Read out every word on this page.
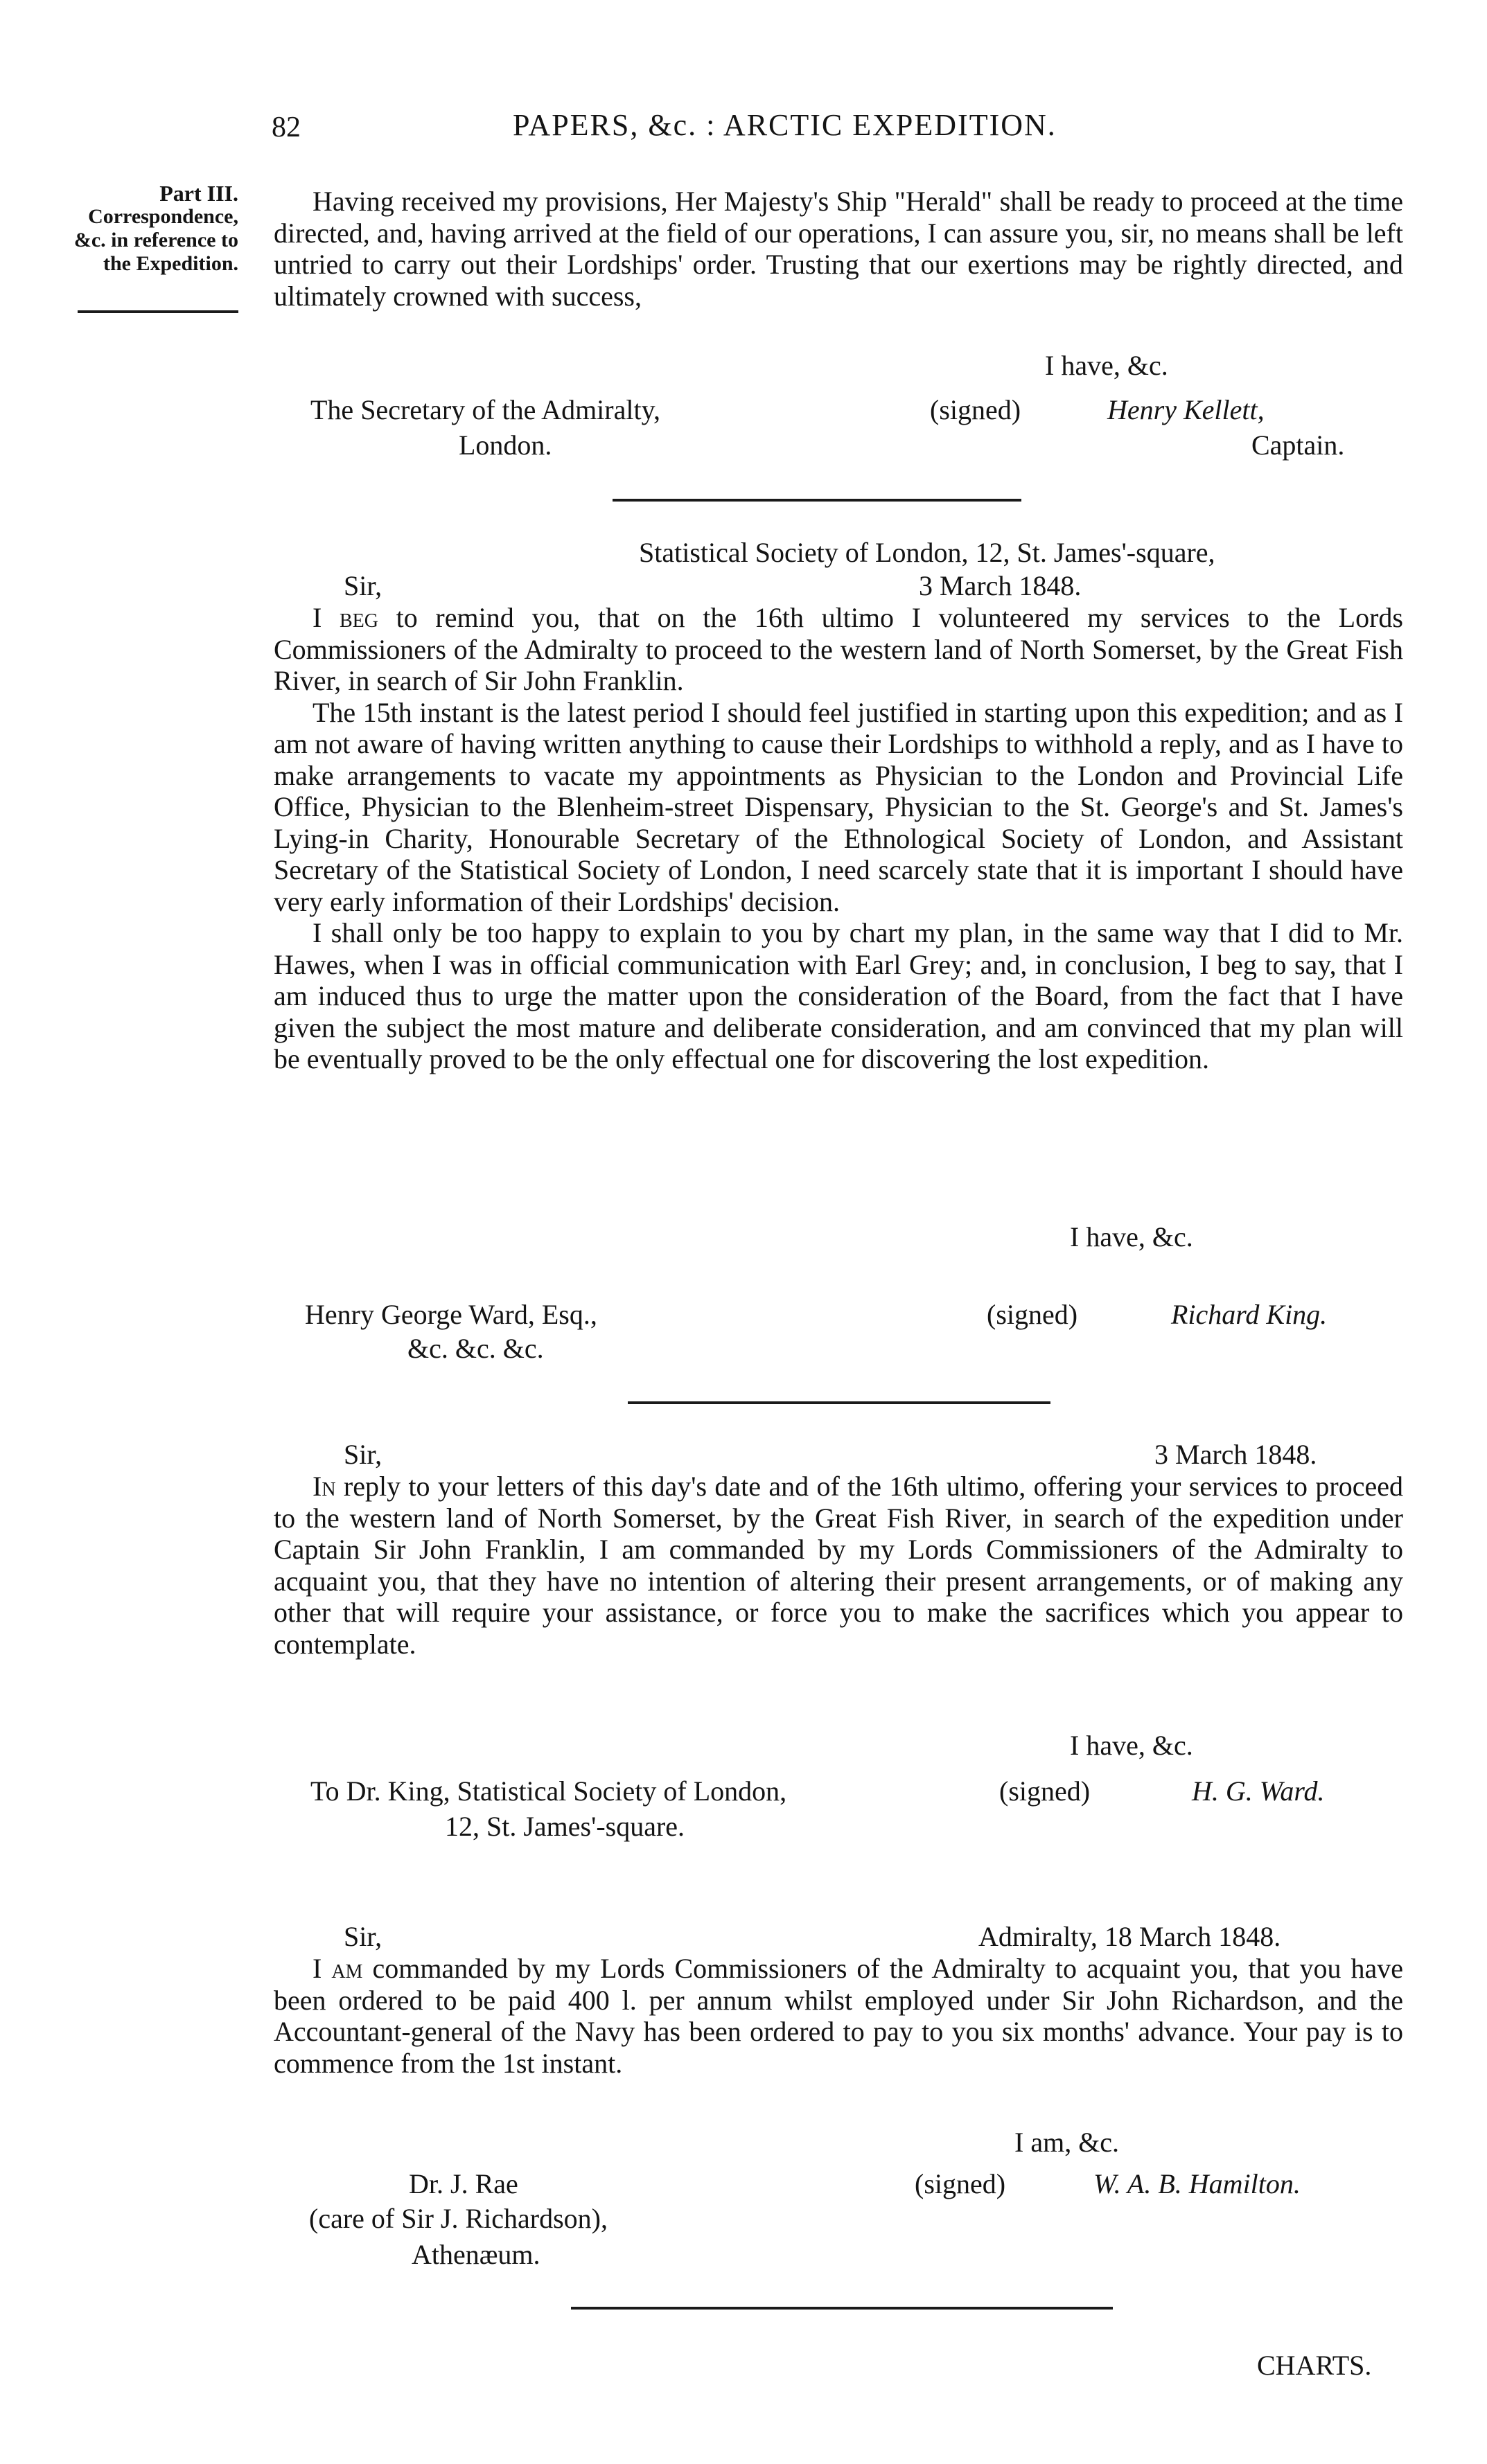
82	PAPERS, &c. : ARCTIC EXPEDITION.
Part III.
Correspondence,
&c. in reference to
the Expedition.

Having received my provisions, Her Majesty's Ship "Herald" shall be ready to proceed at the time directed, and, having arrived at the field of our operations, I can assure you, sir, no means shall be left untried to carry out their Lordships' order. Trusting that our exertions may be rightly directed, and ultimately crowned with success,

I have, &c.
The Secretary of the Admiralty,
London.
(signed)	Henry Kellett,
Captain.
Statistical Society of London, 12, St. James'-square,
Sir,	3 March 1848.

I beg to remind you, that on the 16th ultimo I volunteered my services to the Lords Commissioners of the Admiralty to proceed to the western land of North Somerset, by the Great Fish River, in search of Sir John Franklin.

The 15th instant is the latest period I should feel justified in starting upon this expedition; and as I am not aware of having written anything to cause their Lordships to withhold a reply, and as I have to make arrangements to vacate my appointments as Physician to the London and Provincial Life Office, Physician to the Blenheim-street Dispensary, Physician to the St. George's and St. James's Lying-in Charity, Honourable Secretary of the Ethnological Society of London, and Assistant Secretary of the Statistical Society of London, I need scarcely state that it is important I should have very early information of their Lordships' decision.

I shall only be too happy to explain to you by chart my plan, in the same way that I did to Mr. Hawes, when I was in official communication with Earl Grey; and, in conclusion, I beg to say, that I am induced thus to urge the matter upon the consideration of the Board, from the fact that I have given the subject the most mature and deliberate consideration, and am convinced that my plan will be eventually proved to be the only effectual one for discovering the lost expedition.

I have, &c.
Henry George Ward, Esq.,
&c. &c. &c.
(signed)	Richard King.
Sir,	3 March 1848.

In reply to your letters of this day's date and of the 16th ultimo, offering your services to proceed to the western land of North Somerset, by the Great Fish River, in search of the expedition under Captain Sir John Franklin, I am commanded by my Lords Commissioners of the Admiralty to acquaint you, that they have no intention of altering their present arrangements, or of making any other that will require your assistance, or force you to make the sacrifices which you appear to contemplate.

I have, &c.
To Dr. King, Statistical Society of London,
12, St. James'-square.
(signed)	H. G. Ward.
Sir,	Admiralty, 18 March 1848.

I am commanded by my Lords Commissioners of the Admiralty to acquaint you, that you have been ordered to be paid 400 l. per annum whilst employed under Sir John Richardson, and the Accountant-general of the Navy has been ordered to pay to you six months' advance. Your pay is to commence from the 1st instant.

I am, &c.
Dr. J. Rae
(care of Sir J. Richardson),
Athenæum.
(signed)	W. A. B. Hamilton.
CHARTS.
